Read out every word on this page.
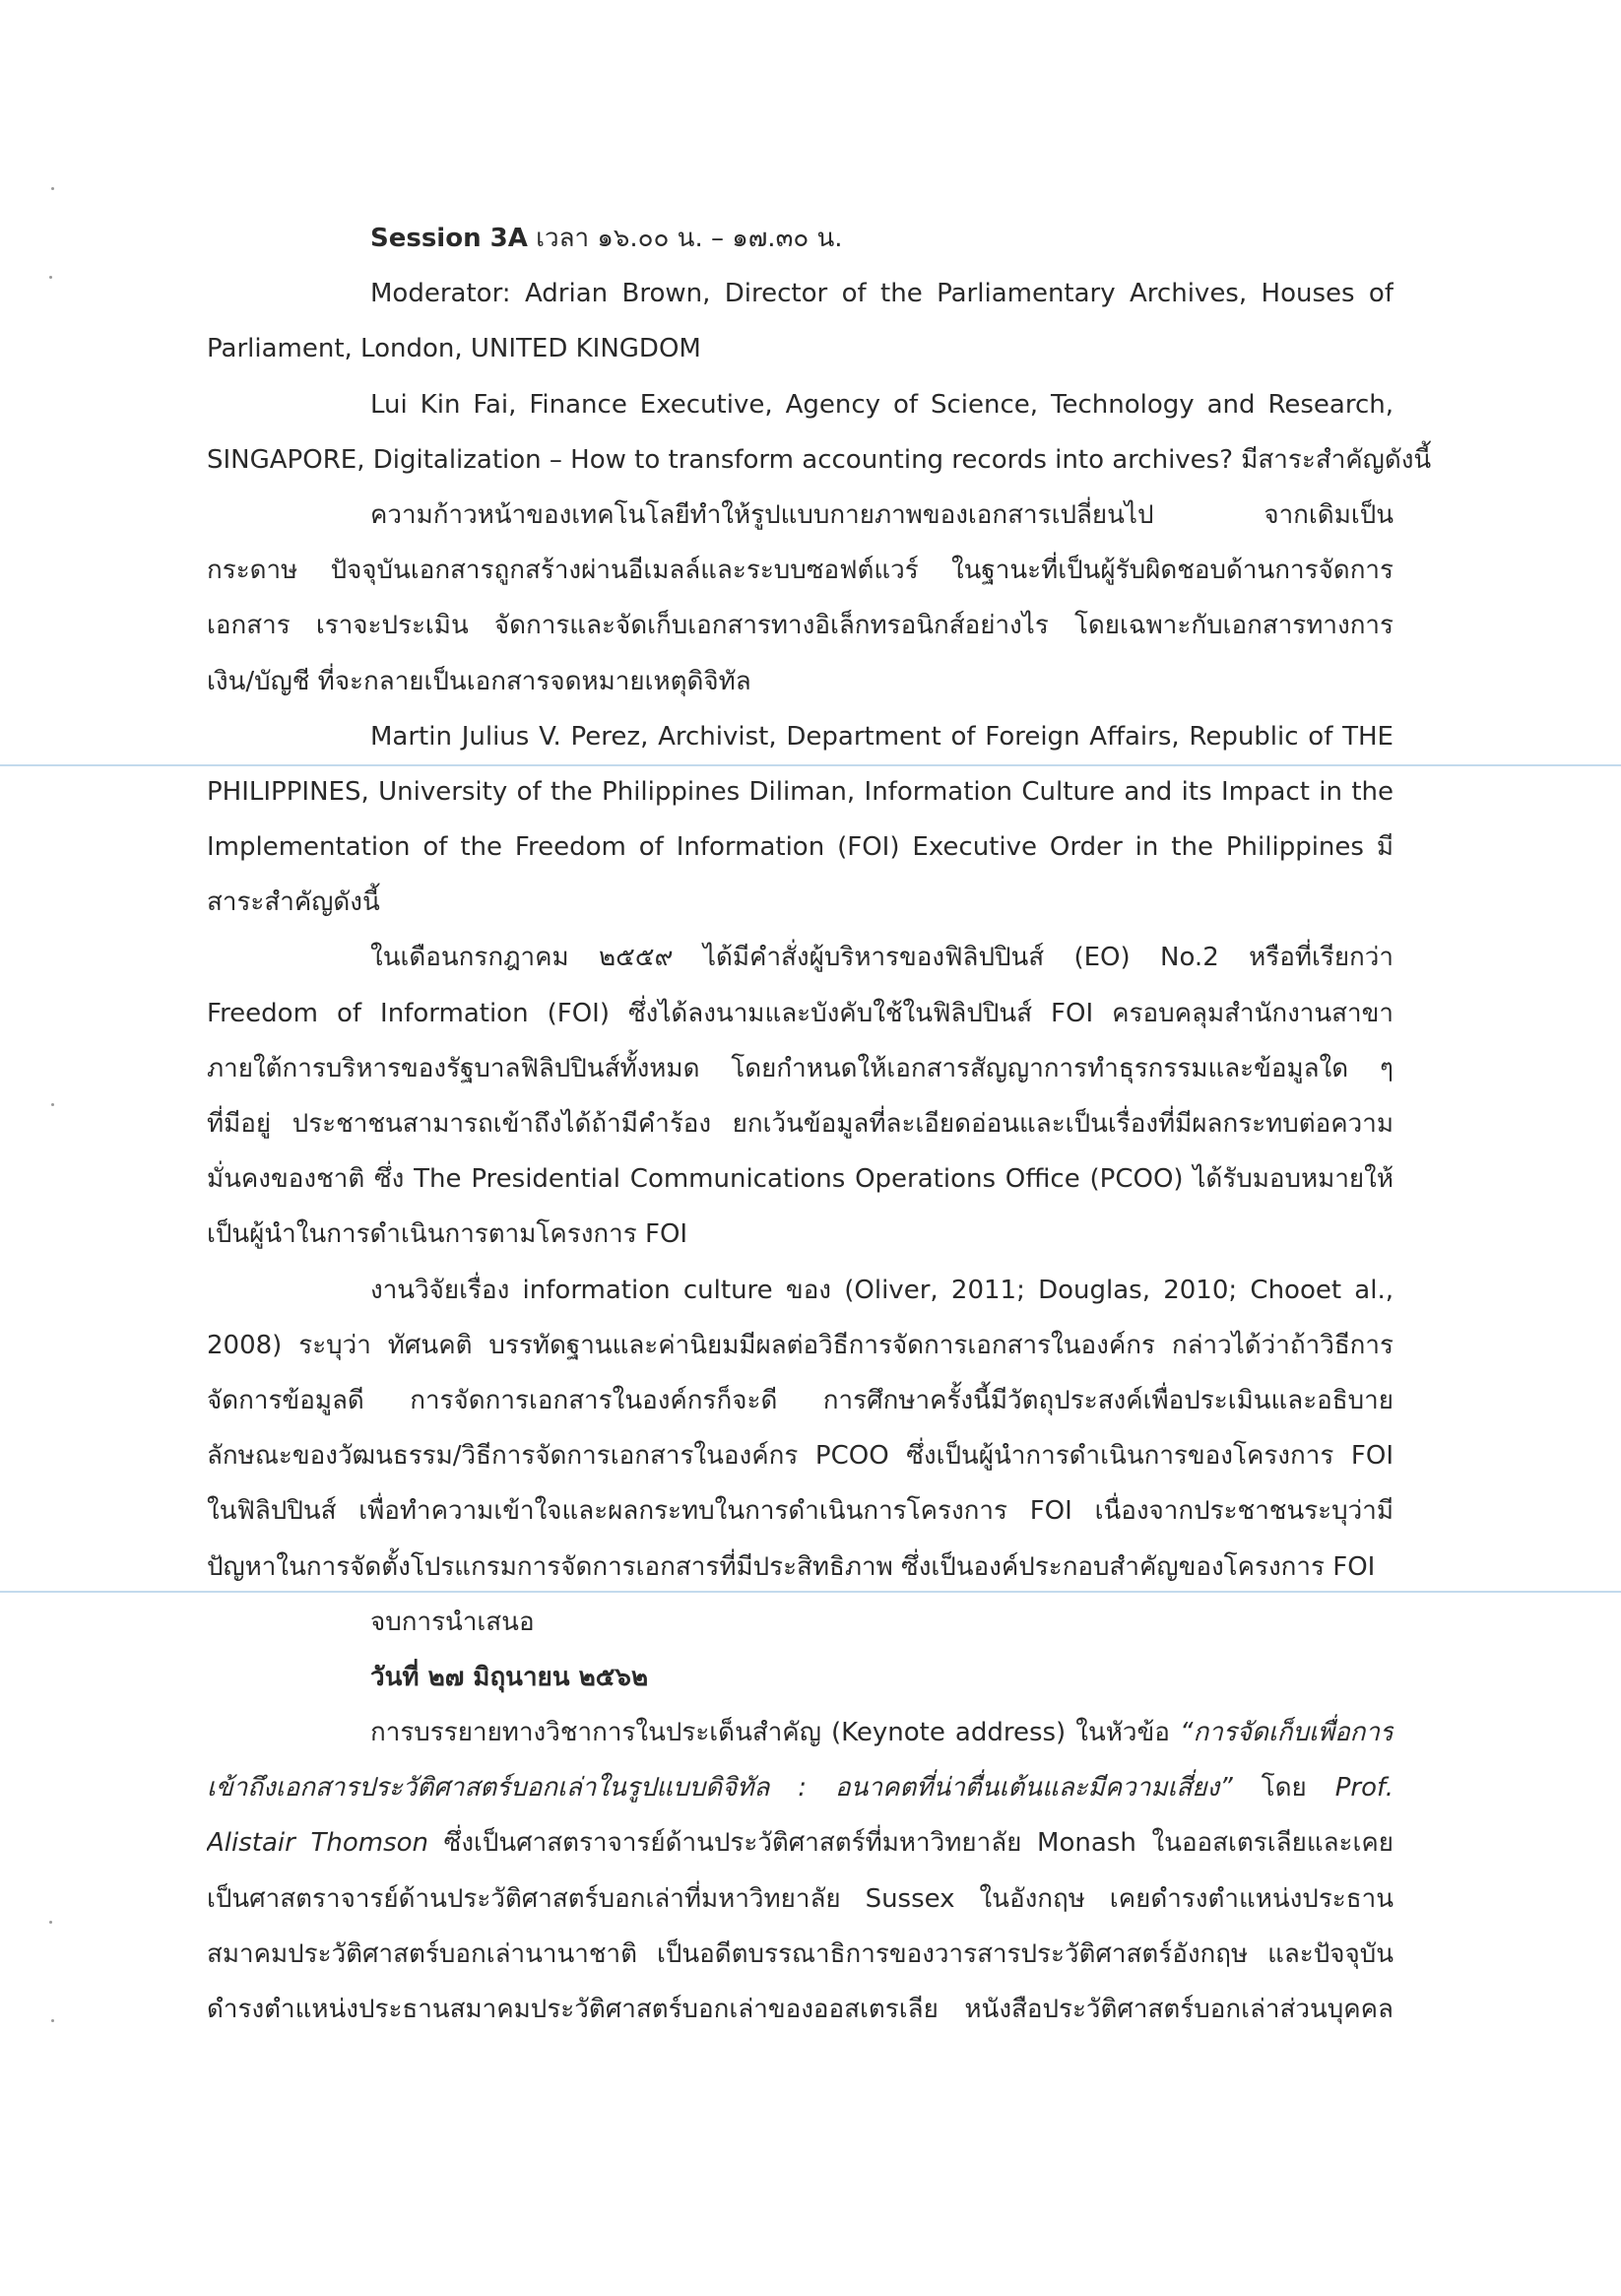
Session 3A เวลา ๑๖.๐๐ น. – ๑๗.๓๐ น.
Moderator: Adrian Brown, Director of the Parliamentary Archives, Houses of
Parliament, London, UNITED KINGDOM
Lui Kin Fai, Finance Executive, Agency of Science, Technology and Research,
SINGAPORE, Digitalization – How to transform accounting records into archives? มีสาระสำคัญดังนี้
ความก้าวหน้าของเทคโนโลยีทำให้รูปแบบกายภาพของเอกสารเปลี่ยนไป จากเดิมเป็น
กระดาษ ปัจจุบันเอกสารถูกสร้างผ่านอีเมลล์และระบบซอฟต์แวร์ ในฐานะที่เป็นผู้รับผิดชอบด้านการจัดการ
เอกสาร เราจะประเมิน จัดการและจัดเก็บเอกสารทางอิเล็กทรอนิกส์อย่างไร โดยเฉพาะกับเอกสารทางการ
เงิน/บัญชี ที่จะกลายเป็นเอกสารจดหมายเหตุดิจิทัล
Martin Julius V. Perez, Archivist, Department of Foreign Affairs, Republic of THE
PHILIPPINES, University of the Philippines Diliman, Information Culture and its Impact in the
Implementation of the Freedom of Information (FOI) Executive Order in the Philippines มี
สาระสำคัญดังนี้
ในเดือนกรกฎาคม ๒๕๕๙ ได้มีคำสั่งผู้บริหารของฟิลิปปินส์ (EO) No.2 หรือที่เรียกว่า
Freedom of Information (FOI) ซึ่งได้ลงนามและบังคับใช้ในฟิลิปปินส์ FOI ครอบคลุมสำนักงานสาขา
ภายใต้การบริหารของรัฐบาลฟิลิปปินส์ทั้งหมด โดยกำหนดให้เอกสารสัญญาการทำธุรกรรมและข้อมูลใด ๆ
ที่มีอยู่ ประชาชนสามารถเข้าถึงได้ถ้ามีคำร้อง ยกเว้นข้อมูลที่ละเอียดอ่อนและเป็นเรื่องที่มีผลกระทบต่อความ
มั่นคงของชาติ ซึ่ง The Presidential Communications Operations Office (PCOO) ได้รับมอบหมายให้
เป็นผู้นำในการดำเนินการตามโครงการ FOI
งานวิจัยเรื่อง information culture ของ (Oliver, 2011; Douglas, 2010; Chooet al.,
2008) ระบุว่า ทัศนคติ บรรทัดฐานและค่านิยมมีผลต่อวิธีการจัดการเอกสารในองค์กร กล่าวได้ว่าถ้าวิธีการ
จัดการข้อมูลดี การจัดการเอกสารในองค์กรก็จะดี การศึกษาครั้งนี้มีวัตถุประสงค์เพื่อประเมินและอธิบาย
ลักษณะของวัฒนธรรม/วิธีการจัดการเอกสารในองค์กร PCOO ซึ่งเป็นผู้นำการดำเนินการของโครงการ FOI
ในฟิลิปปินส์ เพื่อทำความเข้าใจและผลกระทบในการดำเนินการโครงการ FOI เนื่องจากประชาชนระบุว่ามี
ปัญหาในการจัดตั้งโปรแกรมการจัดการเอกสารที่มีประสิทธิภาพ ซึ่งเป็นองค์ประกอบสำคัญของโครงการ FOI
จบการนำเสนอ
วันที่ ๒๗ มิถุนายน ๒๕๖๒
การบรรยายทางวิชาการในประเด็นสำคัญ (Keynote address) ในหัวข้อ “การจัดเก็บเพื่อการ
เข้าถึงเอกสารประวัติศาสตร์บอกเล่าในรูปแบบดิจิทัล : อนาคตที่น่าตื่นเต้นและมีความเสี่ยง” โดย Prof.
Alistair Thomson ซึ่งเป็นศาสตราจารย์ด้านประวัติศาสตร์ที่มหาวิทยาลัย Monash ในออสเตรเลียและเคย
เป็นศาสตราจารย์ด้านประวัติศาสตร์บอกเล่าที่มหาวิทยาลัย Sussex ในอังกฤษ เคยดำรงตำแหน่งประธาน
สมาคมประวัติศาสตร์บอกเล่านานาชาติ เป็นอดีตบรรณาธิการของวารสารประวัติศาสตร์อังกฤษ และปัจจุบัน
ดำรงตำแหน่งประธานสมาคมประวัติศาสตร์บอกเล่าของออสเตรเลีย หนังสือประวัติศาสตร์บอกเล่าส่วนบุคคล
